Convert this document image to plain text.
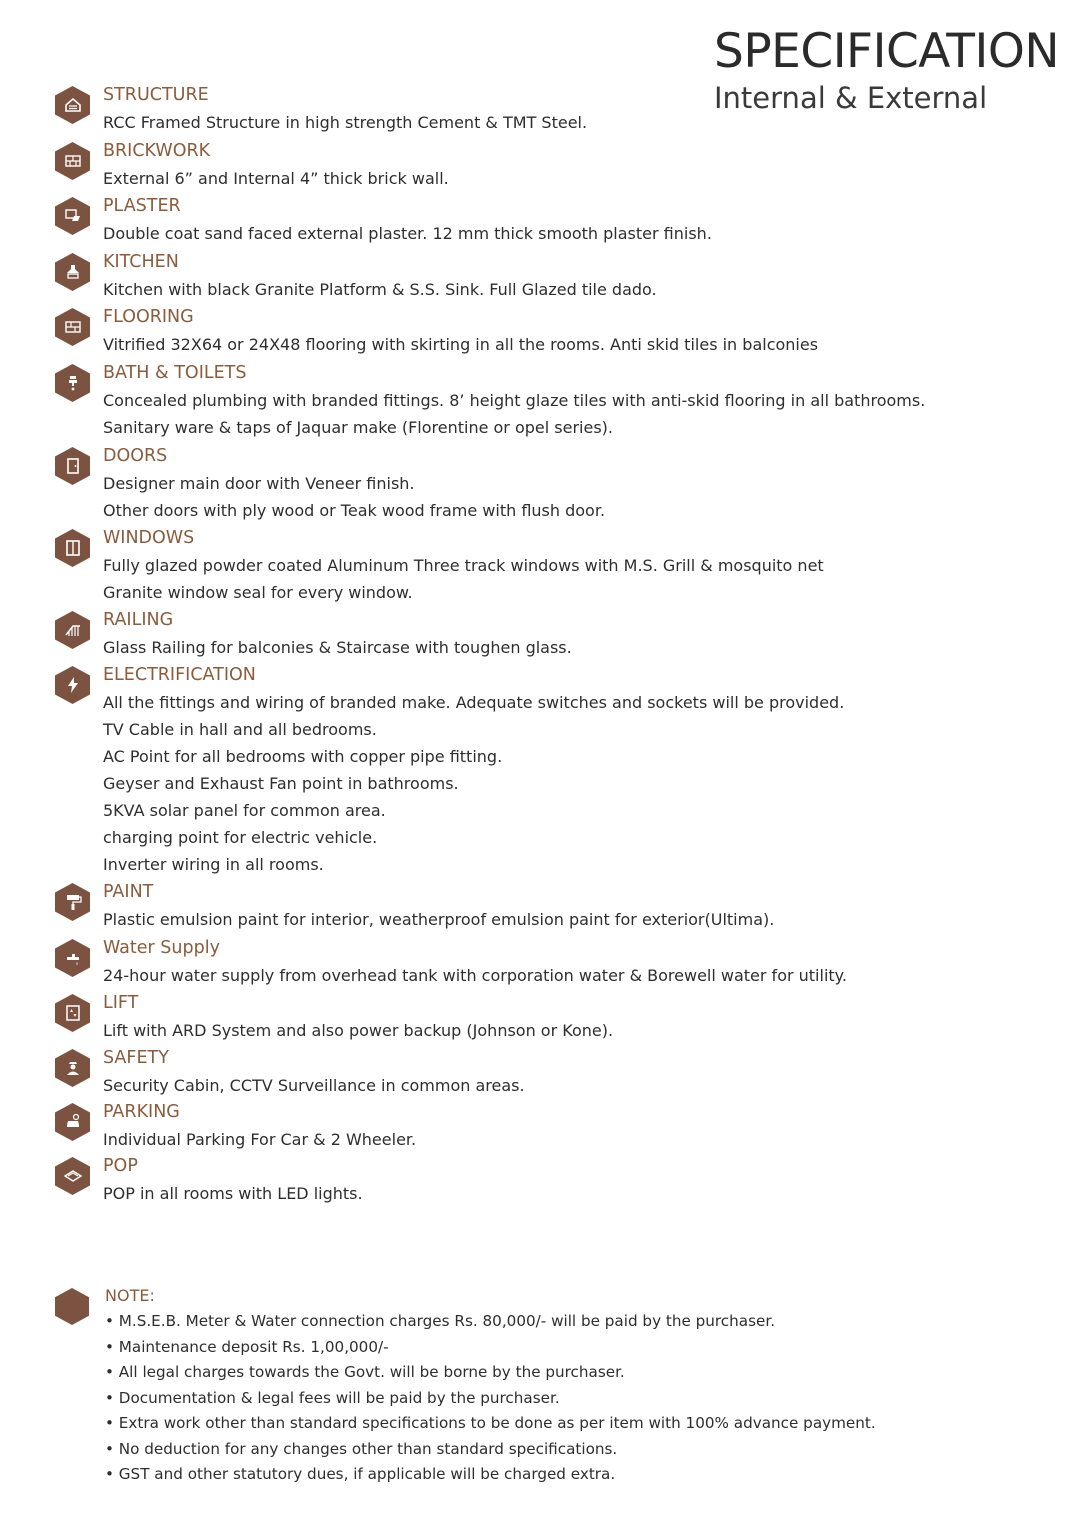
SPECIFICATION
Internal & External
STRUCTURE
RCC Framed Structure in high strength Cement & TMT Steel.
BRICKWORK
External 6” and Internal 4” thick brick wall.
PLASTER
Double coat sand faced external plaster. 12 mm thick smooth plaster finish.
KITCHEN
Kitchen with black Granite Platform & S.S. Sink. Full Glazed tile dado.
FLOORING
Vitrified 32X64 or 24X48 flooring with skirting in all the rooms. Anti skid tiles in balconies
BATH & TOILETS
Concealed plumbing with branded fittings. 8’ height glaze tiles with anti-skid flooring in all bathrooms.
Sanitary ware & taps of Jaquar make (Florentine or opel series).
DOORS
Designer main door with Veneer finish.
Other doors with ply wood or Teak wood frame with flush door.
WINDOWS
Fully glazed powder coated Aluminum Three track windows with M.S. Grill & mosquito net
Granite window seal for every window.
RAILING
Glass Railing for balconies & Staircase with toughen glass.
ELECTRIFICATION
All the fittings and wiring of branded make. Adequate switches and sockets will be provided.
TV Cable in hall and all bedrooms.
AC Point for all bedrooms with copper pipe fitting.
Geyser and Exhaust Fan point in bathrooms.
5KVA solar panel for common area.
charging point for electric vehicle.
Inverter wiring in all rooms.
PAINT
Plastic emulsion paint for interior, weatherproof emulsion paint for exterior(Ultima).
Water Supply
24-hour water supply from overhead tank with corporation water & Borewell water for utility.
LIFT
Lift with ARD System and also power backup (Johnson or Kone).
SAFETY
Security Cabin, CCTV Surveillance in common areas.
PARKING
Individual Parking For Car & 2 Wheeler.
POP
POP in all rooms with LED lights.
NOTE:
• M.S.E.B. Meter & Water connection charges Rs. 80,000/- will be paid by the purchaser.
• Maintenance deposit Rs. 1,00,000/-
• All legal charges towards the Govt. will be borne by the purchaser.
• Documentation & legal fees will be paid by the purchaser.
• Extra work other than standard specifications to be done as per item with 100% advance payment.
• No deduction for any changes other than standard specifications.
• GST and other statutory dues, if applicable will be charged extra.
